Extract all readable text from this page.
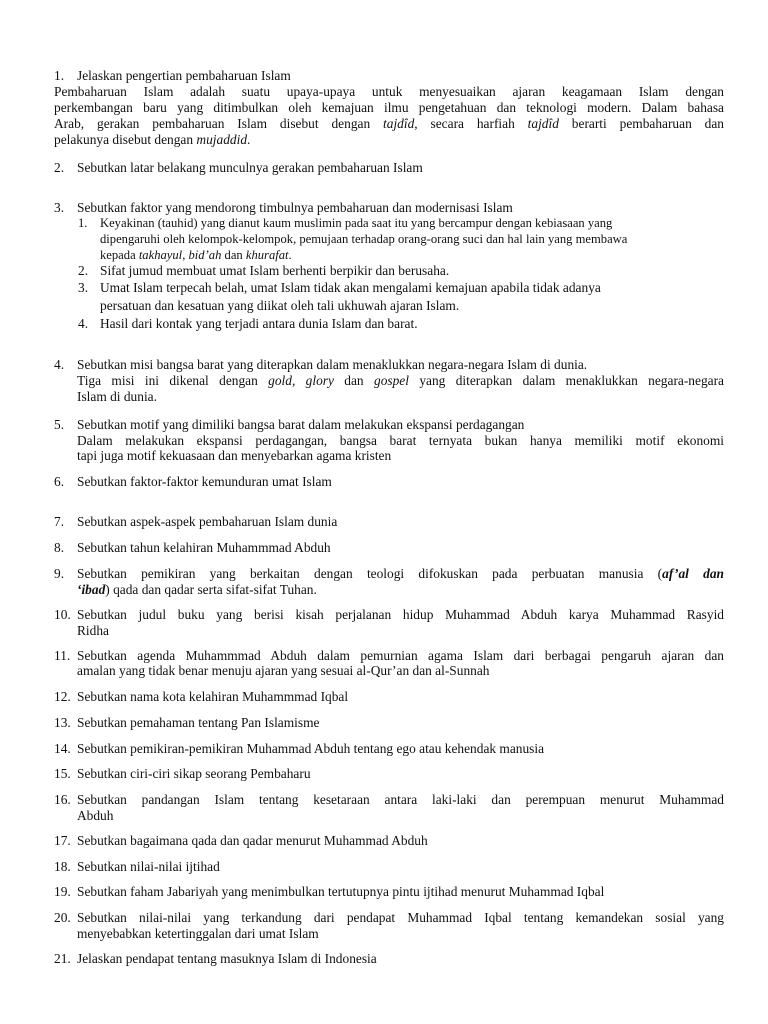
1. Jelaskan pengertian pembaharuan Islam
Pembaharuan Islam adalah suatu upaya-upaya untuk menyesuaikan ajaran keagamaan Islam dengan
perkembangan baru yang ditimbulkan oleh kemajuan ilmu pengetahuan dan teknologi modern. Dalam bahasa
Arab, gerakan pembaharuan Islam disebut dengan tajdîd, secara harfiah tajdîd berarti pembaharuan dan
pelakunya disebut dengan mujaddid.
2. Sebutkan latar belakang munculnya gerakan pembaharuan Islam
3. Sebutkan faktor yang mendorong timbulnya pembaharuan dan modernisasi Islam
1. Keyakinan (tauhid) yang dianut kaum muslimin pada saat itu yang bercampur dengan kebiasaan yang
dipengaruhi oleh kelompok-kelompok, pemujaan terhadap orang-orang suci dan hal lain yang membawa
kepada takhayul, bid’ah dan khurafat.
2. Sifat jumud membuat umat Islam berhenti berpikir dan berusaha.
3. Umat Islam terpecah belah, umat Islam tidak akan mengalami kemajuan apabila tidak adanya
persatuan dan kesatuan yang diikat oleh tali ukhuwah ajaran Islam.
4. Hasil dari kontak yang terjadi antara dunia Islam dan barat.
4. Sebutkan misi bangsa barat yang diterapkan dalam menaklukkan negara-negara Islam di dunia.
Tiga misi ini dikenal dengan gold, glory dan gospel yang diterapkan dalam menaklukkan negara-negara
Islam di dunia.
5. Sebutkan motif yang dimiliki bangsa barat dalam melakukan ekspansi perdagangan
Dalam melakukan ekspansi perdagangan, bangsa barat ternyata bukan hanya memiliki motif ekonomi
tapi juga motif kekuasaan dan menyebarkan agama kristen
6. Sebutkan faktor-faktor kemunduran umat Islam
7. Sebutkan aspek-aspek pembaharuan Islam dunia
8. Sebutkan tahun kelahiran Muhammmad Abduh
9. Sebutkan pemikiran yang berkaitan dengan teologi difokuskan pada perbuatan manusia (af’al dan
‘ibad) qada dan qadar serta sifat-sifat Tuhan.
10. Sebutkan judul buku yang berisi kisah perjalanan hidup Muhammad Abduh karya Muhammad Rasyid
Ridha
11. Sebutkan agenda Muhammmad Abduh dalam pemurnian agama Islam dari berbagai pengaruh ajaran dan
amalan yang tidak benar menuju ajaran yang sesuai al-Qur’an dan al-Sunnah
12. Sebutkan nama kota kelahiran Muhammmad Iqbal
13. Sebutkan pemahaman tentang Pan Islamisme
14. Sebutkan pemikiran-pemikiran Muhammad Abduh tentang ego atau kehendak manusia
15. Sebutkan ciri-ciri sikap seorang Pembaharu
16. Sebutkan pandangan Islam tentang kesetaraan antara laki-laki dan perempuan menurut Muhammad
Abduh
17. Sebutkan bagaimana qada dan qadar menurut Muhammad Abduh
18. Sebutkan nilai-nilai ijtihad
19. Sebutkan faham Jabariyah yang menimbulkan tertutupnya pintu ijtihad menurut Muhammad Iqbal
20. Sebutkan nilai-nilai yang terkandung dari pendapat Muhammad Iqbal tentang kemandekan sosial yang
menyebabkan ketertinggalan dari umat Islam
21. Jelaskan pendapat tentang masuknya Islam di Indonesia
